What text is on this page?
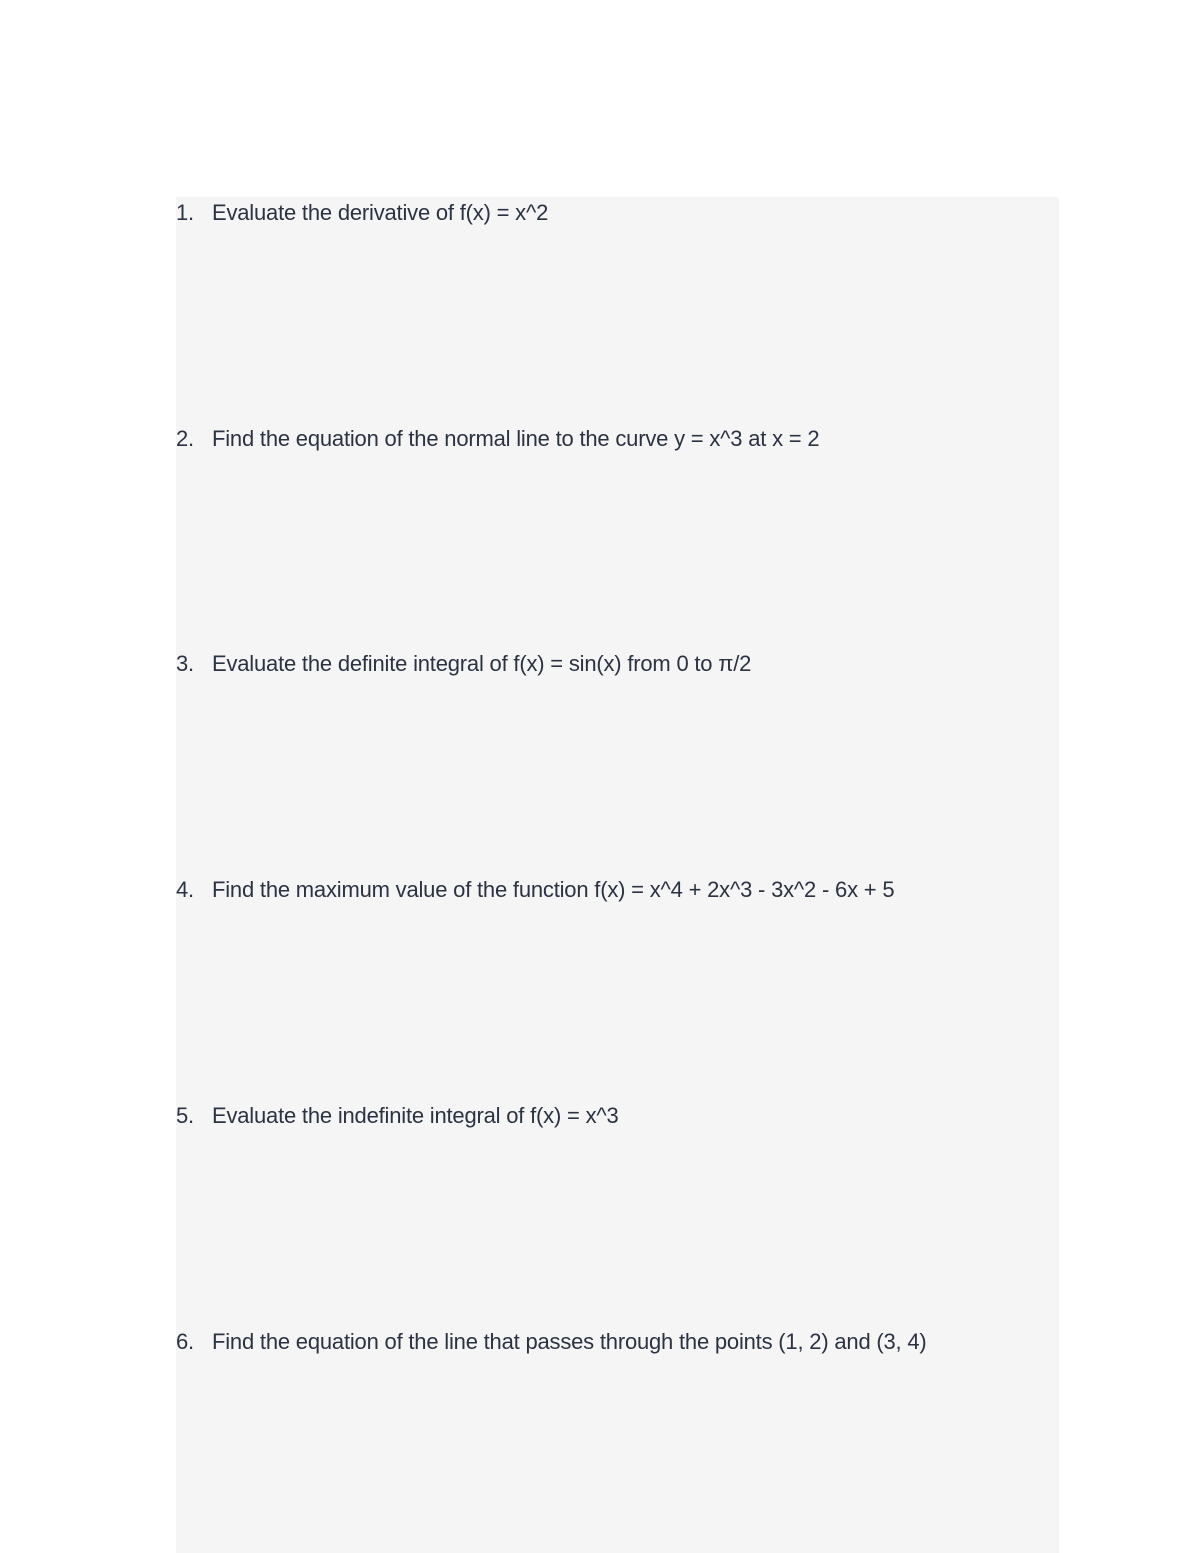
1. Evaluate the derivative of f(x) = x^2
2. Find the equation of the normal line to the curve y = x^3 at x = 2
3. Evaluate the definite integral of f(x) = sin(x) from 0 to π/2
4. Find the maximum value of the function f(x) = x^4 + 2x^3 - 3x^2 - 6x + 5
5. Evaluate the indefinite integral of f(x) = x^3
6. Find the equation of the line that passes through the points (1, 2) and (3, 4)
